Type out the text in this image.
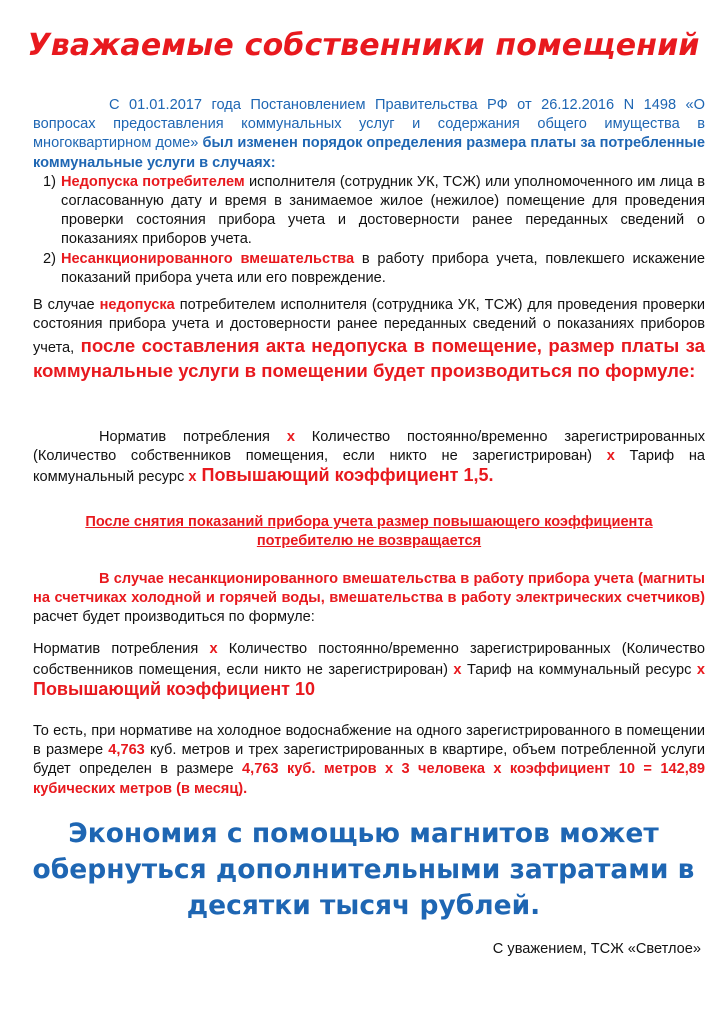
Уважаемые собственники помещений

С 01.01.2017 года Постановлением Правительства РФ от 26.12.2016 N 1498 «О вопросах предоставления коммунальных услуг и содержания общего имущества в многоквартирном доме» был изменен порядок определения размера платы за потребленные коммунальные услуги в случаях:

1) Недопуска потребителем исполнителя (сотрудник УК, ТСЖ) или уполномоченного им лица в согласованную дату и время в занимаемое жилое (нежилое) помещение для проведения проверки состояния прибора учета и достоверности ранее переданных сведений о показаниях приборов учета.
2) Несанкционированного вмешательства в работу прибора учета, повлекшего искажение показаний прибора учета или его повреждение.

В случае недопуска потребителем исполнителя (сотрудника УК, ТСЖ) для проведения проверки состояния прибора учета и достоверности ранее переданных сведений о показаниях приборов учета, после составления акта недопуска в помещение, размер платы за коммунальные услуги в помещении будет производиться по формуле:

Норматив потребления х Количество постоянно/временно зарегистрированных (Количество собственников помещения, если никто не зарегистрирован) х Тариф на коммунальный ресурс х Повышающий коэффициент 1,5.

После снятия показаний прибора учета размер повышающего коэффициента потребителю не возвращается

В случае несанкционированного вмешательства в работу прибора учета (магниты на счетчиках холодной и горячей воды, вмешательства в работу электрических счетчиков) расчет будет производиться по формуле:

Норматив потребления х Количество постоянно/временно зарегистрированных (Количество собственников помещения, если никто не зарегистрирован) х Тариф на коммунальный ресурс х Повышающий коэффициент 10

То есть, при нормативе на холодное водоснабжение на одного зарегистрированного в помещении в размере 4,763 куб. метров и трех зарегистрированных в квартире, объем потребленной услуги будет определен в размере 4,763 куб. метров х 3 человека х коэффициент 10 = 142,89 кубических метров (в месяц).

Экономия с помощью магнитов может

обернуться дополнительными затратами в

десятки тысяч рублей.

С уважением, ТСЖ «Светлое»
